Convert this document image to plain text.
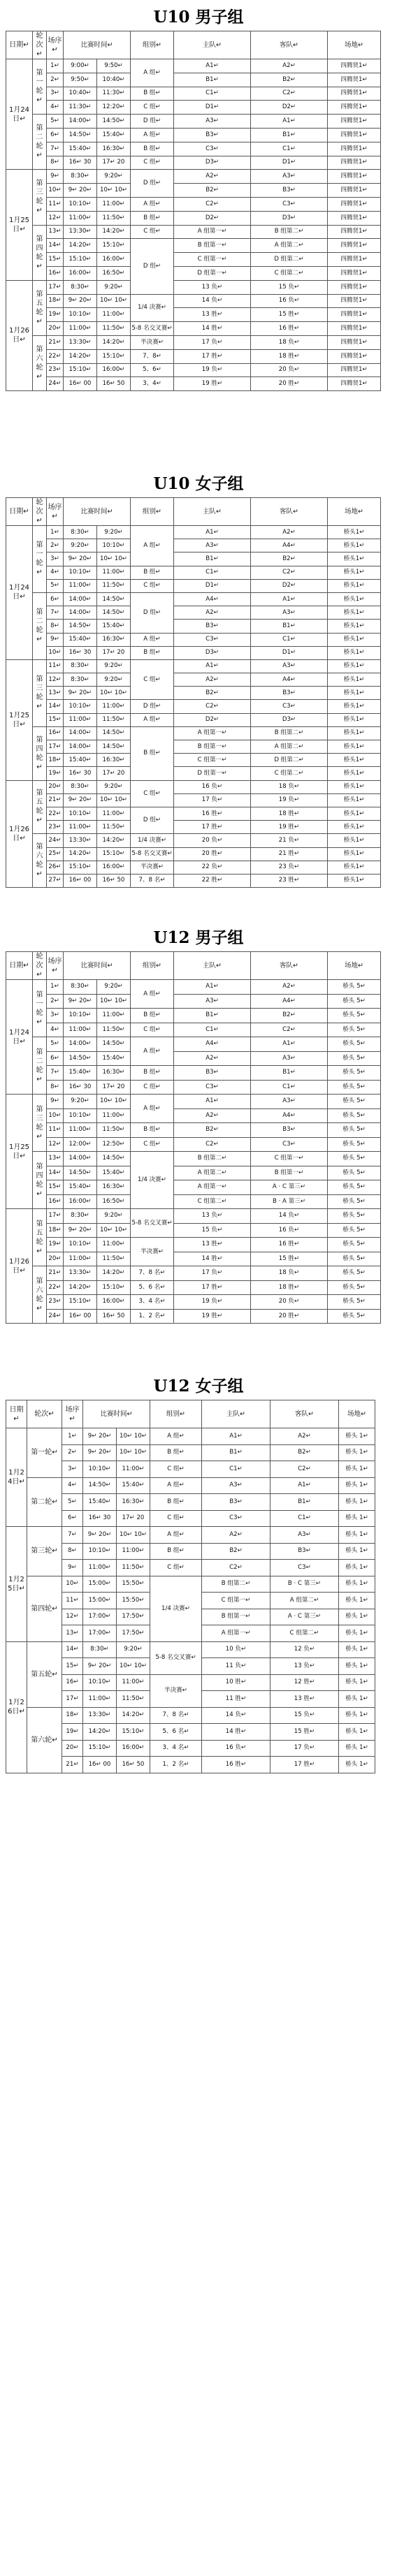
U10 男子组
日期↵	轮次↵	场序↵	比赛时间↵		组别↵	主队↵	客队↵	场地↵
1月24日↵	第一轮↵	1↵	9:00↵	9:50↵	A 组↵	A1↵	A2↵	四腾贤1↵
		2↵	9:50↵	10:40↵		B1↵	B2↵	四腾贤1↵
		3↵	10:40↵	11:30↵	B 组↵	C1↵	C2↵	四腾贤1↵
		4↵	11:30↵	12:20↵	C 组↵	D1↵	D2↵	四腾贤1↵
	第二轮↵	5↵	14:00↵	14:50↵	D 组↵	A3↵	A1↵	四腾贤1↵
		6↵	14:50↵	15:40↵	A 组↵	B3↵	B1↵	四腾贤1↵
		7↵	15:40↵	16:30↵	B 组↵	C3↵	C1↵	四腾贤1↵
		8↵	16↵ 30	17↵ 20	C 组↵	D3↵	D1↵	四腾贤1↵
1月25日↵	第三轮↵	9↵	8:30↵	9:20↵	D 组↵	A2↵	A3↵	四腾贤1↵
		10↵	9↵ 20↵	10↵ 10↵		B2↵	B3↵	四腾贤1↵
		11↵	10:10↵	11:00↵	A 组↵	C2↵	C3↵	四腾贤1↵
		12↵	11:00↵	11:50↵	B 组↵	D2↵	D3↵	四腾贤1↵
	第四轮↵	13↵	13:30↵	14:20↵	C 组↵	A 组第一↵	B 组第二↵	四腾贤1↵
		14↵	14:20↵	15:10↵	D 组↵	B 组第一↵	A 组第二↵	四腾贤1↵
		15↵	15:10↵	16:00↵		C 组第一↵	D 组第二↵	四腾贤1↵
		16↵	16:00↵	16:50↵		D 组第一↵	C 组第二↵	四腾贤1↵
1月26日↵	第五轮↵	17↵	8:30↵	9:20↵		13 负↵	15 负↵	四腾贤1↵
		18↵	9↵ 20↵	10↵ 10↵	1/4 决赛↵	14 负↵	16 负↵	四腾贤1↵
		19↵	10:10↵	11:00↵		13 胜↵	15 胜↵	四腾贤1↵
		20↵	11:00↵	11:50↵	5-8 名交叉赛↵	14 胜↵	16 胜↵	四腾贤1↵
	第六轮↵	21↵	13:30↵	14:20↵	半决赛↵	17 负↵	18 负↵	四腾贤1↵
		22↵	14:20↵	15:10↵	7、8↵	17 胜↵	18 胜↵	四腾贤1↵
		23↵	15:10↵	16:00↵	5、6↵	19 负↵	20 负↵	四腾贤1↵
		24↵	16↵ 00	16↵ 50	3、4↵	19 胜↵	20 胜↵	四腾贤1↵
U10 女子组
日期↵	轮次↵	场序↵	比赛时间↵		组别↵	主队↵	客队↵	场地↵
1月24日↵	第一轮↵	1↵	8:30↵	9:20↵	A 组↵	A1↵	A2↵	桥头1↵
		2↵	9:20↵	10:10↵		A3↵	A4↵	桥头1↵
		3↵	9↵ 20↵	10↵ 10↵		B1↵	B2↵	桥头1↵
		4↵	10:10↵	11:00↵	B 组↵	C1↵	C2↵	桥头1↵
		5↵	11:00↵	11:50↵	C 组↵	D1↵	D2↵	桥头1↵
	第二轮↵	6↵	14:00↵	14:50↵	D 组↵	A4↵	A1↵	桥头1↵
		7↵	14:00↵	14:50↵		A2↵	A3↵	桥头1↵
		8↵	14:50↵	15:40↵		B3↵	B1↵	桥头1↵
		9↵	15:40↵	16:30↵	A 组↵	C3↵	C1↵	桥头1↵
		10↵	16↵ 30	17↵ 20	B 组↵	D3↵	D1↵	桥头1↵
1月25日↵	第三轮↵	11↵	8:30↵	9:20↵	C 组↵	A1↵	A3↵	桥头1↵
		12↵	8:30↵	9:20↵		A2↵	A4↵	桥头1↵
		13↵	9↵ 20↵	10↵ 10↵		B2↵	B3↵	桥头1↵
		14↵	10:10↵	11:00↵	D 组↵	C2↵	C3↵	桥头1↵
		15↵	11:00↵	11:50↵	A 组↵	D2↵	D3↵	桥头1↵
	第四轮↵	16↵	14:00↵	14:50↵	B 组↵	A 组第一↵	B 组第二↵	桥头1↵
		17↵	14:00↵	14:50↵		B 组第一↵	A 组第二↵	桥头1↵
		18↵	15:40↵	16:30↵		C 组第一↵	D 组第二↵	桥头1↵
		19↵	16↵ 30	17↵ 20		D 组第一↵	C 组第二↵	桥头1↵
1月26日↵	第五轮↵	20↵	8:30↵	9:20↵	C 组↵	16 负↵	18 负↵	桥头1↵
		21↵	9↵ 20↵	10↵ 10↵		17 负↵	19 负↵	桥头1↵
		22↵	10:10↵	11:00↵	D 组↵	16 胜↵	18 胜↵	桥头1↵
		23↵	11:00↵	11:50↵		17 胜↵	19 胜↵	桥头1↵
	第六轮↵	24↵	13:30↵	14:20↵	1/4 决赛↵	20 负↵	21 负↵	桥头1↵
		25↵	14:20↵	15:10↵	5-8 名交叉赛↵	20 胜↵	21 胜↵	桥头1↵
		26↵	15:10↵	16:00↵	半决赛↵	22 负↵	23 负↵	桥头1↵
		27↵	16↵ 00	16↵ 50	7、8 名↵	22 胜↵	23 胜↵	桥头1↵
U12 男子组
日期↵	轮次↵	场序↵	比赛时间↵		组别↵	主队↵	客队↵	场地↵
1月24日↵	第一轮↵	1↵	8:30↵	9:20↵	A 组↵	A1↵	A2↵	桥头 5↵
		2↵	9↵ 20↵	10↵ 10↵		A3↵	A4↵	桥头 5↵
		3↵	10:10↵	11:00↵	B 组↵	B1↵	B2↵	桥头 5↵
		4↵	11:00↵	11:50↵	C 组↵	C1↵	C2↵	桥头 5↵
	第二轮↵	5↵	14:00↵	14:50↵	A 组↵	A4↵	A1↵	桥头 5↵
		6↵	14:50↵	15:40↵		A2↵	A3↵	桥头 5↵
		7↵	15:40↵	16:30↵	B 组↵	B3↵	B1↵	桥头 5↵
		8↵	16↵ 30	17↵ 20	C 组↵	C3↵	C1↵	桥头 5↵
1月25日↵	第三轮↵	9↵	9:20↵	10↵ 10↵	A 组↵	A1↵	A3↵	桥头 5↵
		10↵	10:10↵	11:00↵		A2↵	A4↵	桥头 5↵
		11↵	11:00↵	11:50↵	B 组↵	B2↵	B3↵	桥头 5↵
		12↵	12:00↵	12:50↵	C 组↵	C2↵	C3↵	桥头 5↵
	第四轮↵	13↵	14:00↵	14:50↵	1/4 决赛↵	B 组第二↵	C 组第一↵	桥头 5↵
		14↵	14:50↵	15:40↵		A 组第二↵	B 组第一↵	桥头 5↵
		15↵	15:40↵	16:30↵		A 组第一↵	A · C 第三↵	桥头 5↵
		16↵	16:00↵	16:50↵		C 组第二↵	B · A 第三↵	桥头 5↵
1月26日↵	第五轮↵	17↵	8:30↵	9:20↵	5-8 名交叉赛↵	13 负↵	14 负↵	桥头 5↵
		18↵	9↵ 20↵	10↵ 10↵		15 负↵	16 负↵	桥头 5↵
		19↵	10:10↵	11:00↵	半决赛↵	13 胜↵	16 胜↵	桥头 5↵
		20↵	11:00↵	11:50↵		14 胜↵	15 胜↵	桥头 5↵
	第六轮↵	21↵	13:30↵	14:20↵	7、8 名↵	17 负↵	18 负↵	桥头 5↵
		22↵	14:20↵	15:10↵	5、6 名↵	17 胜↵	18 胜↵	桥头 5↵
		23↵	15:10↵	16:00↵	3、4 名↵	19 负↵	20 负↵	桥头 5↵
		24↵	16↵ 00	16↵ 50	1、2 名↵	19 胜↵	20 胜↵	桥头 5↵
U12 女子组
日期↵	轮次↵	场序↵	比赛时间↵		组别↵	主队↵	客队↵	场地↵
1月24日↵	第一轮↵	1↵	9↵ 20↵	10↵ 10↵	A 组↵	A1↵	A2↵	桥头 1↵
		2↵	9↵ 20↵	10↵ 10↵	B 组↵	B1↵	B2↵	桥头 1↵
		3↵	10:10↵	11:00↵	C 组↵	C1↵	C2↵	桥头 1↵
	第二轮↵	4↵	14:50↵	15:40↵	A 组↵	A3↵	A1↵	桥头 1↵
		5↵	15:40↵	16:30↵	B 组↵	B3↵	B1↵	桥头 1↵
		6↵	16↵ 30	17↵ 20	C 组↵	C3↵	C1↵	桥头 1↵
1月25日↵	第三轮↵	7↵	9↵ 20↵	10↵ 10↵	A 组↵	A2↵	A3↵	桥头 1↵
		8↵	10:10↵	11:00↵	B 组↵	B2↵	B3↵	桥头 1↵
		9↵	11:00↵	11:50↵	C 组↵	C2↵	C3↵	桥头 1↵
	第四轮↵	10↵	15:00↵	15:50↵	1/4 决赛↵	B 组第二↵	B · C 第三↵	桥头 1↵
		11↵	15:00↵	15:50↵		C 组第一↵	A 组第二↵	桥头 1↵
		12↵	17:00↵	17:50↵		B 组第一↵	A · C 第三↵	桥头 1↵
		13↵	17:00↵	17:50↵		A 组第一↵	C 组第二↵	桥头 1↵
1月26日↵	第五轮↵	14↵	8:30↵	9:20↵	5-8 名交叉赛↵	10 负↵	12 负↵	桥头 1↵
		15↵	9↵ 20↵	10↵ 10↵		11 负↵	13 负↵	桥头 1↵
		16↵	10:10↵	11:00↵	半决赛↵	10 胜↵	12 胜↵	桥头 1↵
		17↵	11:00↵	11:50↵		11 胜↵	13 胜↵	桥头 1↵
	第六轮↵	18↵	13:30↵	14:20↵	7、8 名↵	14 负↵	15 负↵	桥头 1↵
		19↵	14:20↵	15:10↵	5、6 名↵	14 胜↵	15 胜↵	桥头 1↵
		20↵	15:10↵	16:00↵	3、4 名↵	16 负↵	17 负↵	桥头 1↵
		21↵	16↵ 00	16↵ 50	1、2 名↵	16 胜↵	17 胜↵	桥头 1↵
